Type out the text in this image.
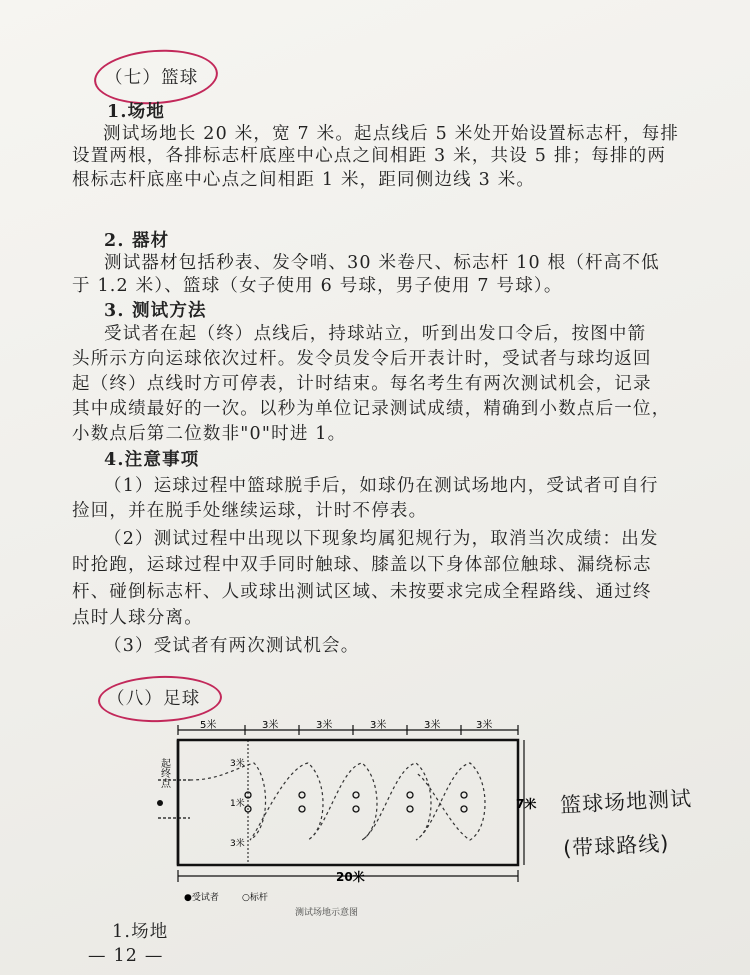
（七）篮球
1.场地
测试场地长 20 米，宽 7 米。起点线后 5 米处开始设置标志杆，每排
设置两根，各排标志杆底座中心点之间相距 3 米，共设 5 排；每排的两
根标志杆底座中心点之间相距 1 米，距同侧边线 3 米。
2. 器材
测试器材包括秒表、发令哨、30 米卷尺、标志杆 10 根（杆高不低
于 1.2 米）、篮球（女子使用 6 号球，男子使用 7 号球）。
3. 测试方法
受试者在起（终）点线后，持球站立，听到出发口令后，按图中箭
头所示方向运球依次过杆。发令员发令后开表计时，受试者与球均返回
起（终）点线时方可停表，计时结束。每名考生有两次测试机会，记录
其中成绩最好的一次。以秒为单位记录测试成绩，精确到小数点后一位，
小数点后第二位数非"0"时进 1。
4.注意事项
（1）运球过程中篮球脱手后，如球仍在测试场地内，受试者可自行
捡回，并在脱手处继续运球，计时不停表。
（2）测试过程中出现以下现象均属犯规行为，取消当次成绩：出发
时抢跑，运球过程中双手同时触球、膝盖以下身体部位触球、漏绕标志
杆、碰倒标志杆、人或球出测试区域、未按要求完成全程路线、通过终
点时人球分离。
（3）受试者有两次测试机会。
（八）足球
5米	3米	3米	3米	3米	3米
3米
1米
3米
7米
20米
起终点
●受试者	○标杆
测试场地示意图
篮球场地测试
(带球路线)
1.场地
— 12 —
